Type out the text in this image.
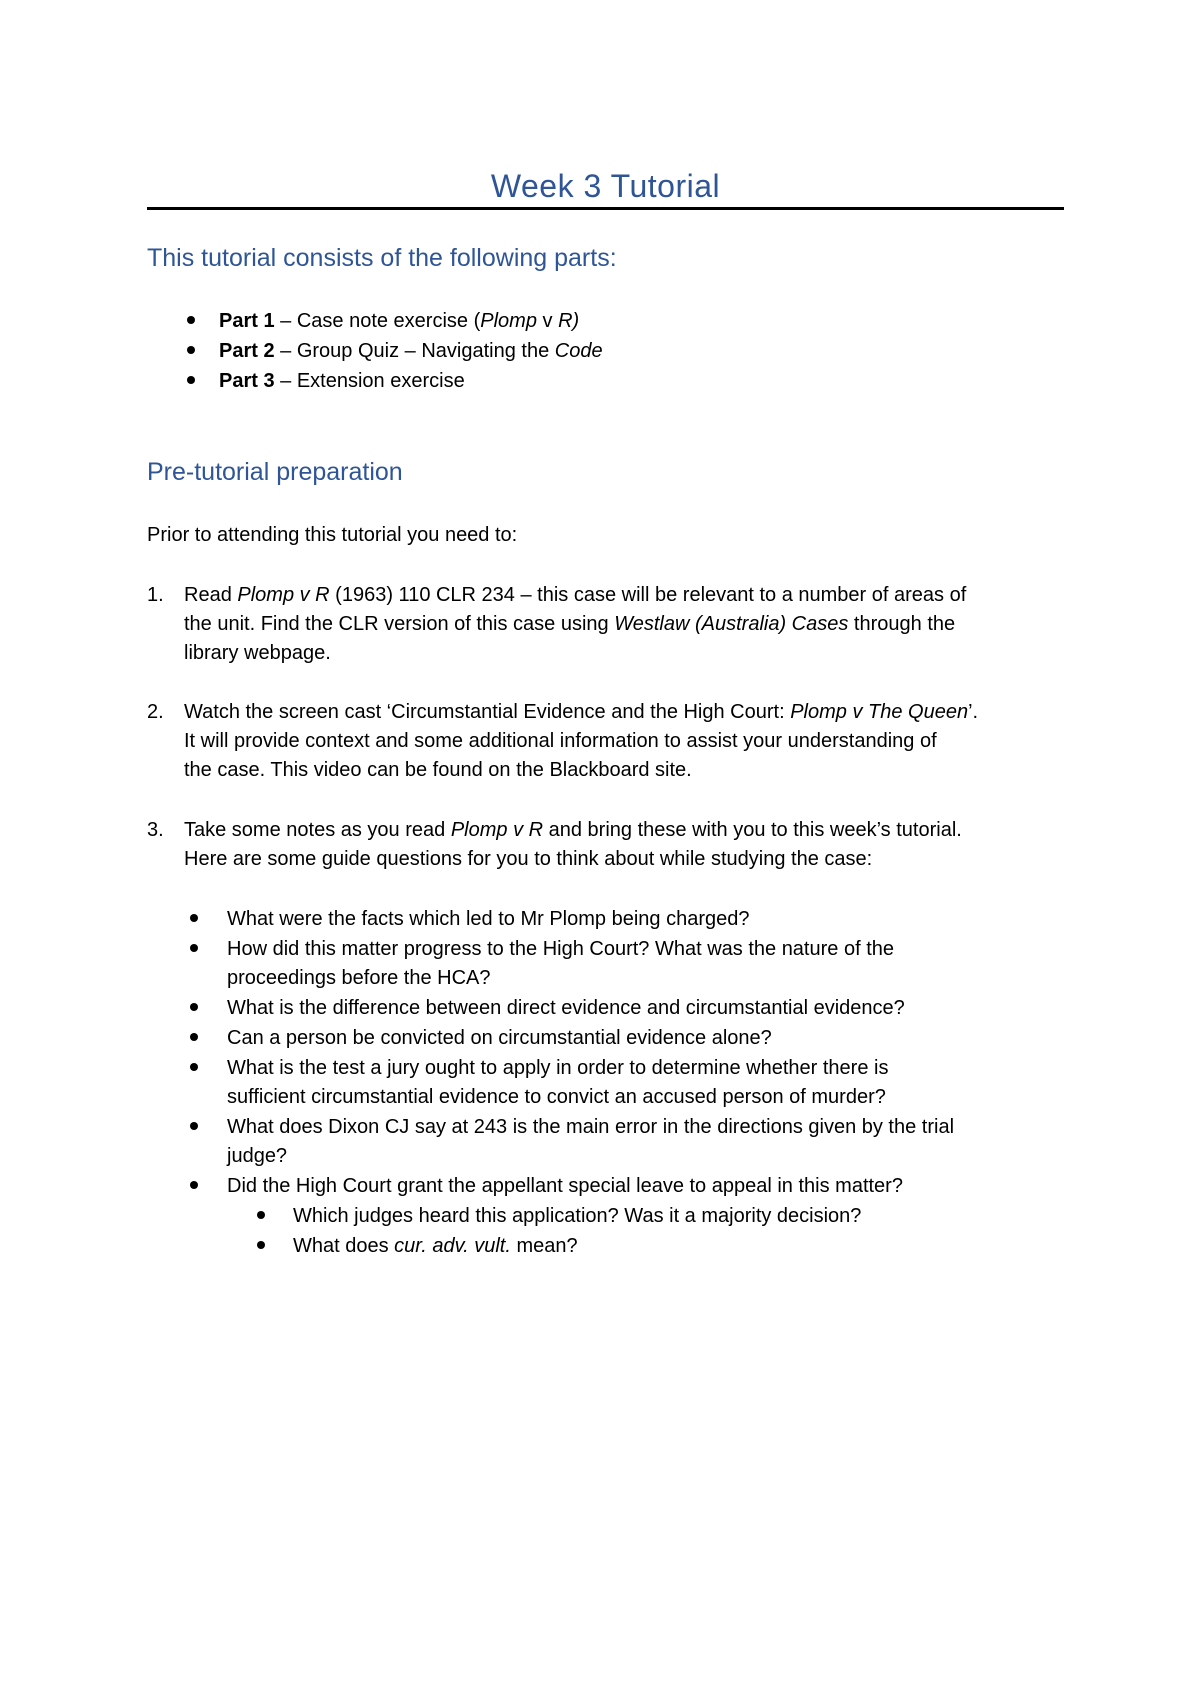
Week 3 Tutorial
This tutorial consists of the following parts:
Part 1 – Case note exercise (Plomp v R)
Part 2 – Group Quiz – Navigating the Code
Part 3 – Extension exercise
Pre-tutorial preparation
Prior to attending this tutorial you need to:
1. Read Plomp v R (1963) 110 CLR 234 – this case will be relevant to a number of areas of
the unit. Find the CLR version of this case using Westlaw (Australia) Cases through the
library webpage.
2. Watch the screen cast ‘Circumstantial Evidence and the High Court: Plomp v The Queen’.
It will provide context and some additional information to assist your understanding of
the case. This video can be found on the Blackboard site.
3. Take some notes as you read Plomp v R and bring these with you to this week’s tutorial.
Here are some guide questions for you to think about while studying the case:
What were the facts which led to Mr Plomp being charged?
How did this matter progress to the High Court? What was the nature of the
proceedings before the HCA?
What is the difference between direct evidence and circumstantial evidence?
Can a person be convicted on circumstantial evidence alone?
What is the test a jury ought to apply in order to determine whether there is
sufficient circumstantial evidence to convict an accused person of murder?
What does Dixon CJ say at 243 is the main error in the directions given by the trial
judge?
Did the High Court grant the appellant special leave to appeal in this matter?
Which judges heard this application? Was it a majority decision?
What does cur. adv. vult. mean?
